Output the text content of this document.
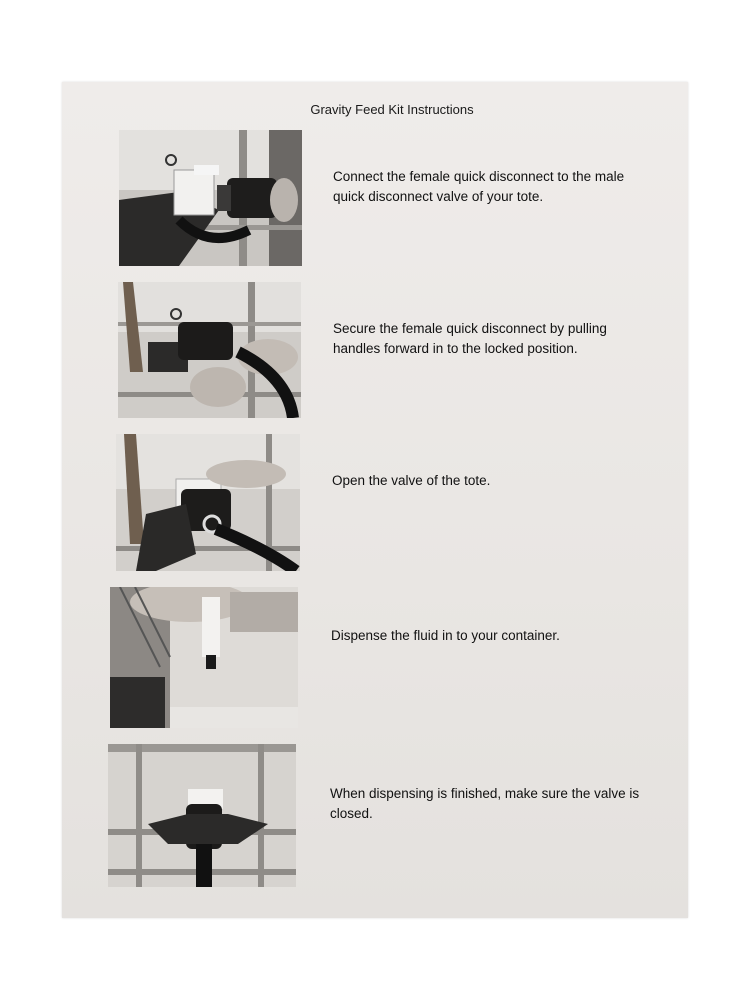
Gravity Feed Kit Instructions
Connect the female quick disconnect to the male quick disconnect valve of your tote.
Secure the female quick disconnect by pulling handles forward in to the locked position.
Open the valve of the tote.
Dispense the fluid in to your container.
When dispensing is finished, make sure the valve is closed.
